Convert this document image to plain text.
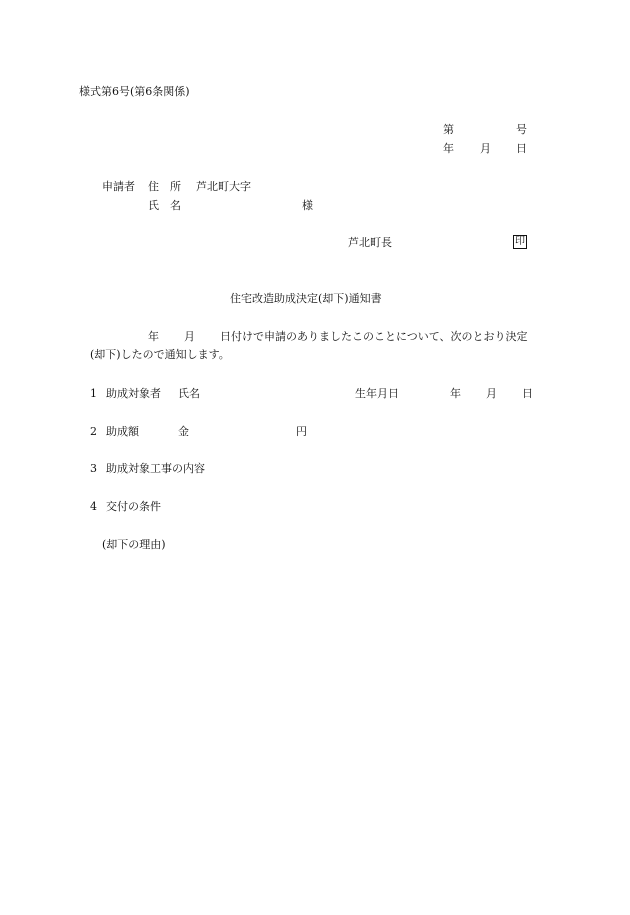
様式第6号(第6条関係)
第	号
年 月 日
申請者 住　所 芦北町大字
氏　名	様
芦北町長	印
住宅改造助成決定(却下)通知書
年 月 日付けで申請のありましたこのことについて、次のとおり決定
(却下)したので通知します。
1 助成対象者 氏名	生年月日	年 月 日
2 助成額	金	円
3 助成対象工事の内容
4 交付の条件
(却下の理由)
